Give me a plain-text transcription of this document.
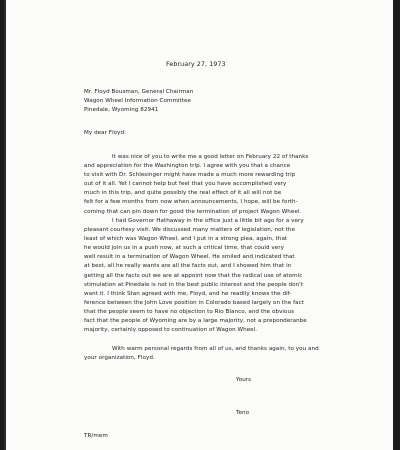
February 27, 1973
Mr. Floyd Bousman, General Chairman
Wagon Wheel Information Committee
Pinedale, Wyoming 82941
My dear Floyd:
It was nice of you to write me a good letter on February 22 of thanks
and appreciation for the Washington trip. I agree with you that a chance
to visit with Dr. Schlesinger might have made a much more rewarding trip
out of it all. Yet I cannot help but feel that you have accomplished very
much in this trip, and quite possibly the real effect of it all will not be
felt for a few months from now when announcements, I hope, will be forth-
coming that can pin down for good the termination of project Wagon Wheel.
I had Governor Hathaway in the office just a little bit ago for a very
pleasant courtesy visit. We discussed many matters of legislation, not the
least of which was Wagon Wheel, and I put in a strong plea, again, that
he would join us in a push now, at such a critical time, that could very
well result in a termination of Wagon Wheel. He smiled and indicated that
at best, all he really wants are all the facts out, and I showed him that in
getting all the facts out we are at appoint now that the radical use of atomic
stimulation at Pinedale is not in the best public interest and the people don't
want it. I think Stan agreed with me, Floyd, and he readily knows the dif-
ference between the John Love position in Colorado based largely on the fact
that the people seem to have no objection to Rio Blanco, and the obvious
fact that the people of Wyoming are by a large majority, not a preponderanbe
majority, certainly opposed to continuation of Wagon Wheel.
With warm personal regards from all of us, and thanks again, to you and
your organization, Floyd.
Yours
Teno
TR/mem
